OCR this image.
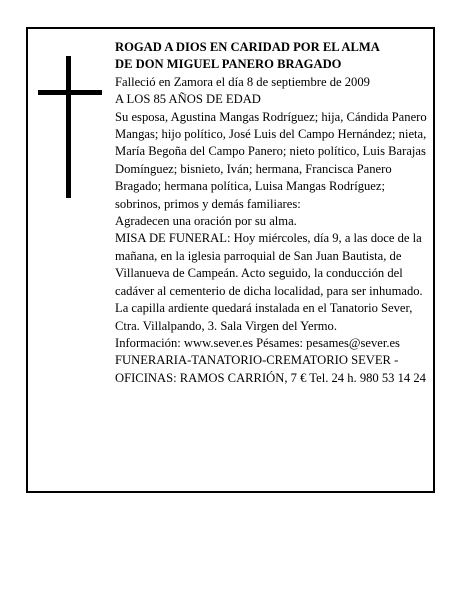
ROGAD A DIOS EN CARIDAD POR EL ALMA

DE DON MIGUEL PANERO BRAGADO

Falleció en Zamora el día 8 de septiembre de 2009

A LOS 85 AÑOS DE EDAD

Su esposa, Agustina Mangas Rodríguez; hija, Cándida Panero Mangas; hijo político, José Luis del Campo Hernández; nieta, María Begoña del Campo Panero; nieto político, Luis Barajas Domínguez; bisnieto, Iván; hermana, Francisca Panero Bragado; hermana política, Luisa Mangas Rodríguez; sobrinos, primos y demás familiares:

Agradecen una oración por su alma.

MISA DE FUNERAL: Hoy miércoles, día 9, a las doce de la mañana, en la iglesia parroquial de San Juan Bautista, de Villanueva de Campeán. Acto seguido, la conducción del cadáver al cementerio de dicha localidad, para ser inhumado.

La capilla ardiente quedará instalada en el Tanatorio Sever, Ctra. Villalpando, 3. Sala Virgen del Yermo.

Información: www.sever.es Pésames: pesames@sever.es

FUNERARIA-TANATORIO-CREMATORIO SEVER - OFICINAS: RAMOS CARRIÓN, 7 € Tel. 24 h. 980 53 14 24
